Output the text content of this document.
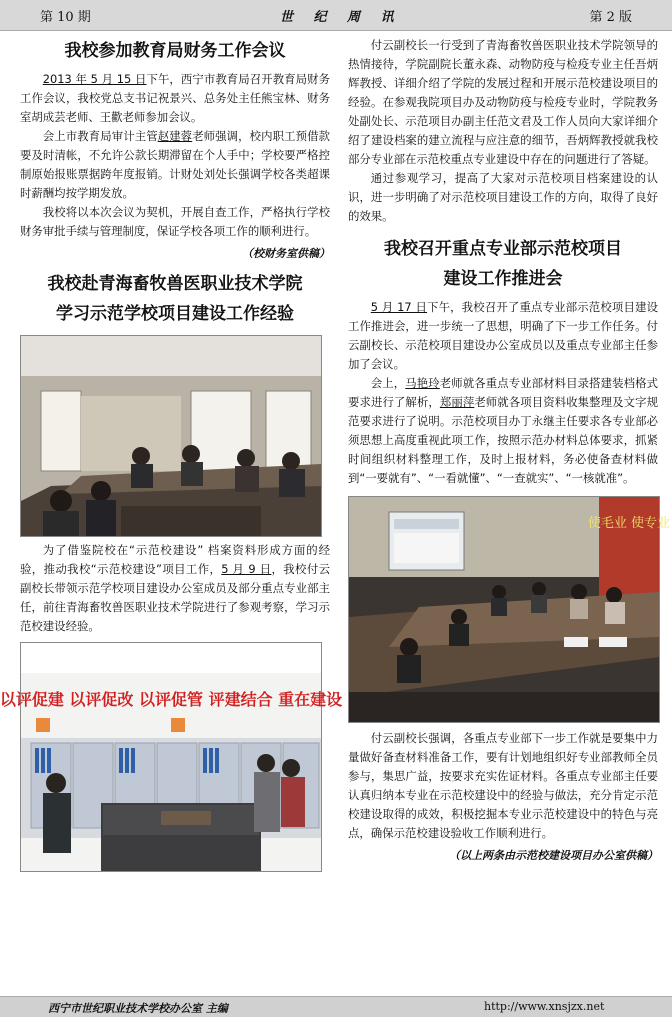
第 10 期	世 纪 周 讯	第 2 版
我校参加教育局财务工作会议

2013 年 5 月 15 日下午，西宁市教育局召开教育局财务工作会议，我校党总支书记祝景兴、总务处主任熊宝林、财务室胡成芸老师、王歡老师参加会议。

会上市教育局审计主管赵建蓉老师强调，校内职工预借款要及时清帐，不允许公款长期滞留在个人手中；学校要严格控制原始报账票据跨年度报销。计财处刘处长强调学校各类超课时薪酬均按学期发放。

我校将以本次会议为契机，开展自查工作，严格执行学校财务审批手续与管理制度，保证学校各项工作的顺利进行。

（校财务室供稿）
我校赴青海畜牧兽医职业技术学院
学习示范学校项目建设工作经验

为了借鉴院校在“示范校建设” 档案资料形成方面的经验，推动我校“示范校建设”项目工作，5 月 9 日，我校付云副校长带领示范学校项目建设办公室成员及部分重点专业部主任，前往青海畜牧兽医职业技术学院进行了参观考察，学习示范校建设经验。

以评促建 以评促改 以评促管 评建结合 重在建设

付云副校长一行受到了青海畜牧兽医职业技术学院领导的热情接待，学院副院长董永森、动物防疫与检疫专业主任吾炳辉教授、详细介绍了学院的发展过程和开展示范校建设项目的经验。在参观我院项目办及动物防疫与检疫专业时，学院教务处副处长、示范项目办副主任范文君及工作人员向大家详细介绍了建设档案的建立流程与应注意的细节，吾炳辉教授就我校部分专业部在示范校重点专业建设中存在的问题进行了答疑。

通过参观学习，提高了大家对示范校项目档案建设的认识，进一步明确了对示范校项目建设工作的方向，取得了良好的效果。

我校召开重点专业部示范校项目
建设工作推进会

5 月 17 日下午，我校召开了重点专业部示范校项目建设工作推进会，进一步统一了思想，明确了下一步工作任务。付云副校长、示范校项目建设办公室成员以及重点专业部主任参加了会议。

会上，马艳玲老师就各重点专业部材料目录搭建装档格式要求进行了解析，郑丽萍老师就各项目资料收集整理及文字规范要求进行了说明。示范校项目办丁永继主任要求各专业部必须思想上高度重视此项工作，按照示范办材料总体要求，抓紧时间组织材料整理工作，及时上报材料，务必使备查材料做到“一要就有”、“一看就懂”、“一查就实”、“一核就准”。

使毛业 使专业

付云副校长强调，各重点专业部下一步工作就是要集中力量做好备查材料准备工作，要有计划地组织好专业部教师全员参与，集思广益，按要求充实佐证材料。各重点专业部主任要认真归纳本专业在示范校建设中的经验与做法，充分肯定示范校建设取得的成效，积极挖掘本专业示范校建设中的特色与亮点，确保示范校建设验收工作顺利进行。

（以上两条由示范校建设项目办公室供稿）
西宁市世纪职业技术学校办公室 主编	http://www.xnsjzx.net
